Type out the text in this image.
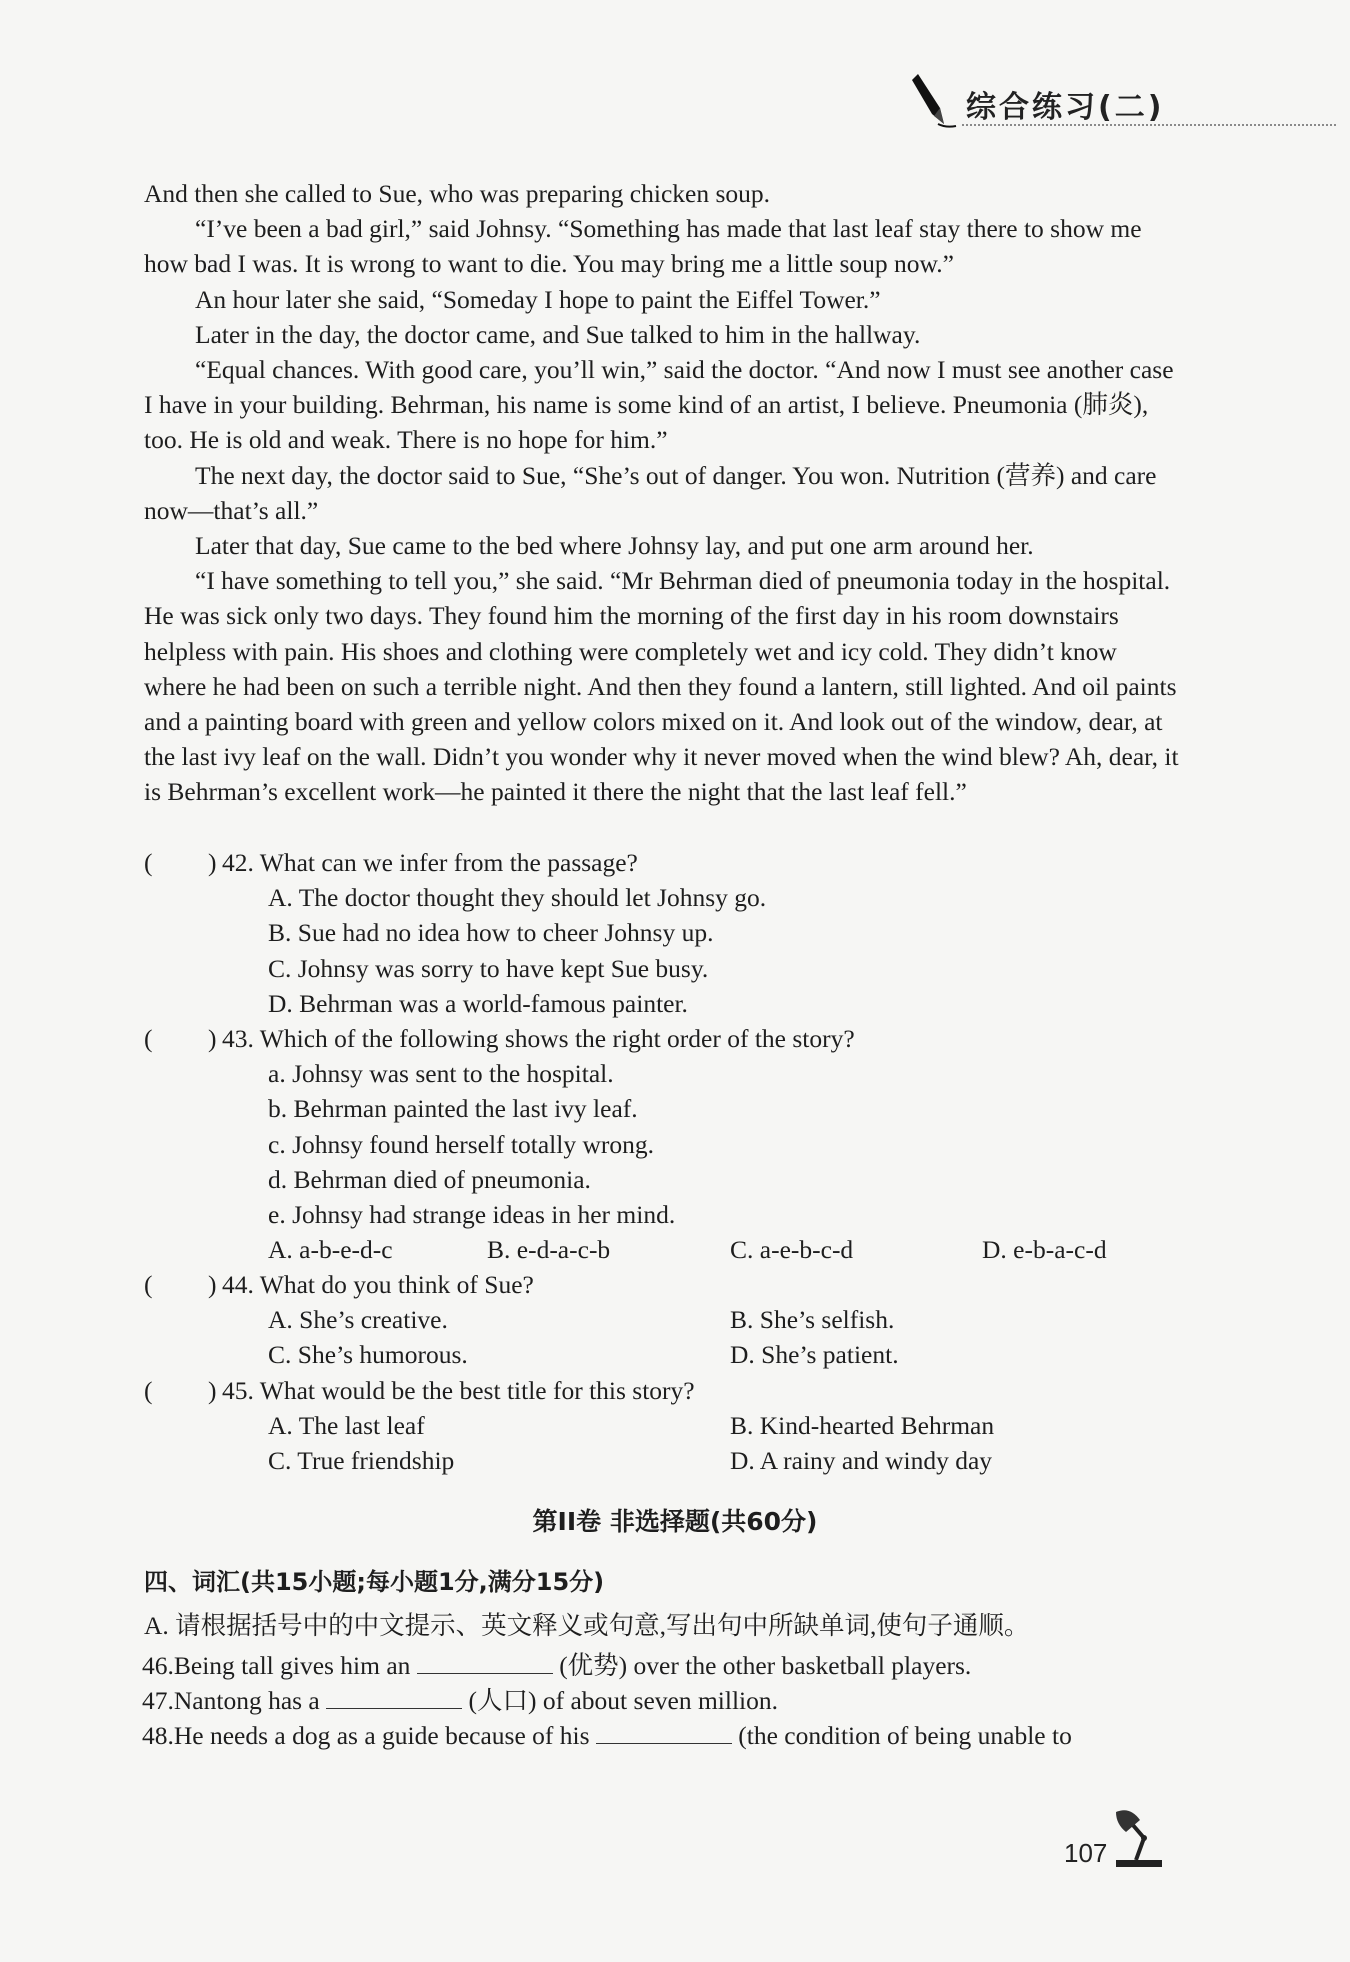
综合练习(二)

And then she called to Sue, who was preparing chicken soup.

“I’ve been a bad girl,” said Johnsy. “Something has made that last leaf stay there to show me how bad I was. It is wrong to want to die. You may bring me a little soup now.”

An hour later she said, “Someday I hope to paint the Eiffel Tower.”

Later in the day, the doctor came, and Sue talked to him in the hallway.

“Equal chances. With good care, you’ll win,” said the doctor. “And now I must see another case I have in your building. Behrman, his name is some kind of an artist, I believe. Pneumonia (肺炎), too. He is old and weak. There is no hope for him.”

The next day, the doctor said to Sue, “She’s out of danger. You won. Nutrition (营养) and care now—that’s all.”

Later that day, Sue came to the bed where Johnsy lay, and put one arm around her.

“I have something to tell you,” she said. “Mr Behrman died of pneumonia today in the hospital. He was sick only two days. They found him the morning of the first day in his room downstairs helpless with pain. His shoes and clothing were completely wet and icy cold. They didn’t know where he had been on such a terrible night. And then they found a lantern, still lighted. And oil paints and a painting board with green and yellow colors mixed on it. And look out of the window, dear, at the last ivy leaf on the wall. Didn’t you wonder why it never moved when the wind blew? Ah, dear, it is Behrman’s excellent work—he painted it there the night that the last leaf fell.”

( ) 42. What can we infer from the passage?
A. The doctor thought they should let Johnsy go.
B. Sue had no idea how to cheer Johnsy up.
C. Johnsy was sorry to have kept Sue busy.
D. Behrman was a world-famous painter.
( ) 43. Which of the following shows the right order of the story?
a. Johnsy was sent to the hospital.
b. Behrman painted the last ivy leaf.
c. Johnsy found herself totally wrong.
d. Behrman died of pneumonia.
e. Johnsy had strange ideas in her mind.
A. a-b-e-d-c	B. e-d-a-c-b	C. a-e-b-c-d	D. e-b-a-c-d
( ) 44. What do you think of Sue?
A. She’s creative.	B. She’s selfish.
C. She’s humorous.	D. She’s patient.
( ) 45. What would be the best title for this story?
A. The last leaf	B. Kind-hearted Behrman
C. True friendship	D. A rainy and windy day
第II卷 非选择题(共60分)
四、词汇(共15小题;每小题1分,满分15分)
A. 请根据括号中的中文提示、英文释义或句意,写出句中所缺单词,使句子通顺。
46.Being tall gives him an	(优势) over the other basketball players.
47.Nantong has a	(人口) of about seven million.
48.He needs a dog as a guide because of his	(the condition of being unable to
107
